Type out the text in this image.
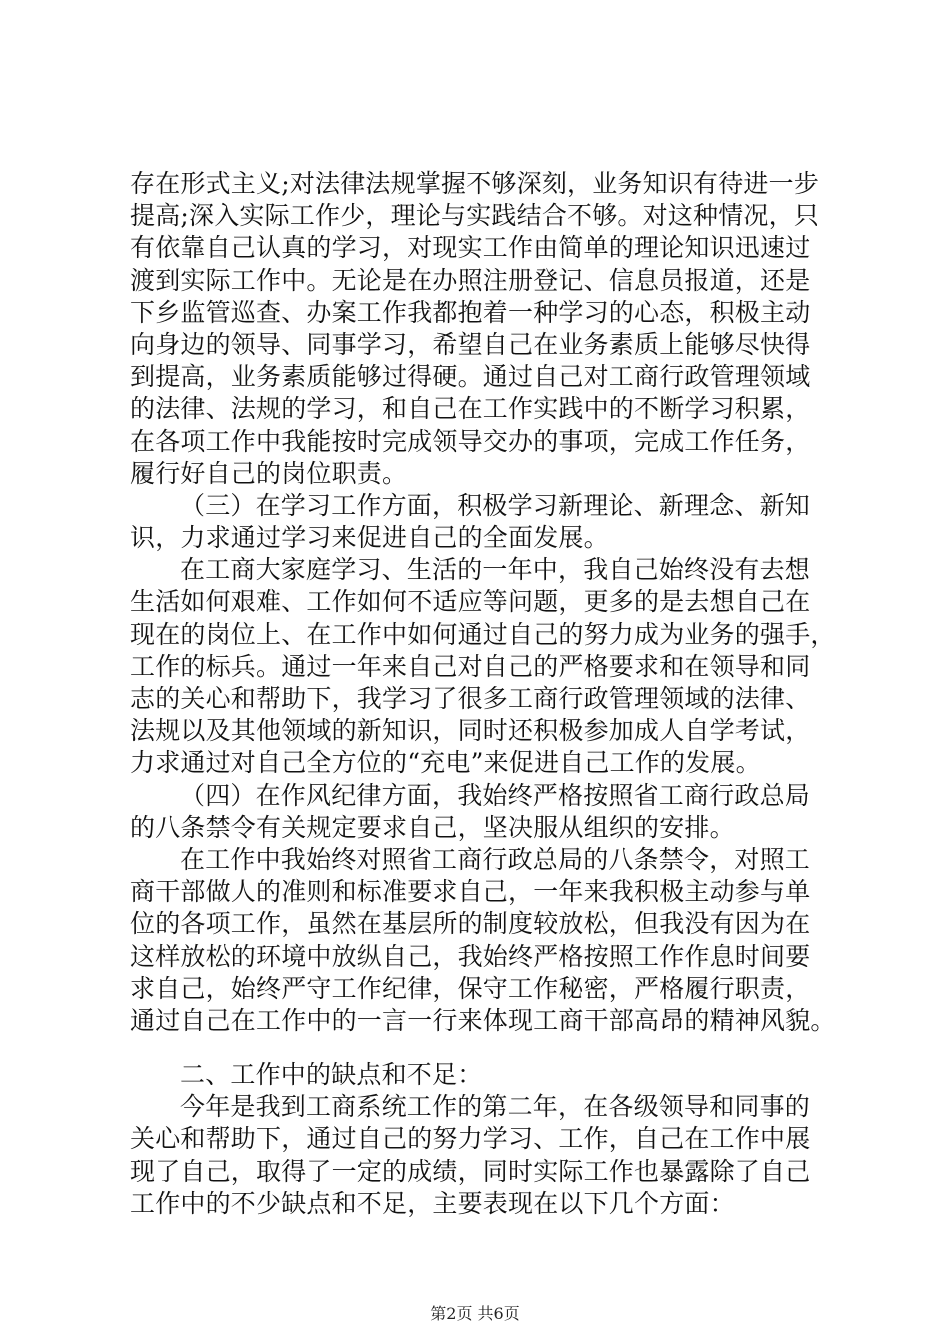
存在形式主义;对法律法规掌握不够深刻，业务知识有待进一步
提高;深入实际工作少，理论与实践结合不够。对这种情况，只
有依靠自己认真的学习，对现实工作由简单的理论知识迅速过
渡到实际工作中。无论是在办照注册登记、信息员报道，还是
下乡监管巡查、办案工作我都抱着一种学习的心态，积极主动
向身边的领导、同事学习，希望自己在业务素质上能够尽快得
到提高，业务素质能够过得硬。通过自己对工商行政管理领域
的法律、法规的学习，和自己在工作实践中的不断学习积累，
在各项工作中我能按时完成领导交办的事项，完成工作任务，
履行好自己的岗位职责。
（三）在学习工作方面，积极学习新理论、新理念、新知
识，力求通过学习来促进自己的全面发展。
在工商大家庭学习、生活的一年中，我自己始终没有去想
生活如何艰难、工作如何不适应等问题，更多的是去想自己在
现在的岗位上、在工作中如何通过自己的努力成为业务的强手，
工作的标兵。通过一年来自己对自己的严格要求和在领导和同
志的关心和帮助下，我学习了很多工商行政管理领域的法律、
法规以及其他领域的新知识，同时还积极参加成人自学考试，
力求通过对自己全方位的“充电”来促进自己工作的发展。
（四）在作风纪律方面，我始终严格按照省工商行政总局
的八条禁令有关规定要求自己，坚决服从组织的安排。
在工作中我始终对照省工商行政总局的八条禁令，对照工
商干部做人的准则和标准要求自己，一年来我积极主动参与单
位的各项工作，虽然在基层所的制度较放松，但我没有因为在
这样放松的环境中放纵自己，我始终严格按照工作作息时间要
求自己，始终严守工作纪律，保守工作秘密，严格履行职责，
通过自己在工作中的一言一行来体现工商干部高昂的精神风貌。
二、工作中的缺点和不足：
今年是我到工商系统工作的第二年，在各级领导和同事的
关心和帮助下，通过自己的努力学习、工作，自己在工作中展
现了自己，取得了一定的成绩，同时实际工作也暴露除了自己
工作中的不少缺点和不足，主要表现在以下几个方面：
第2页 共6页
